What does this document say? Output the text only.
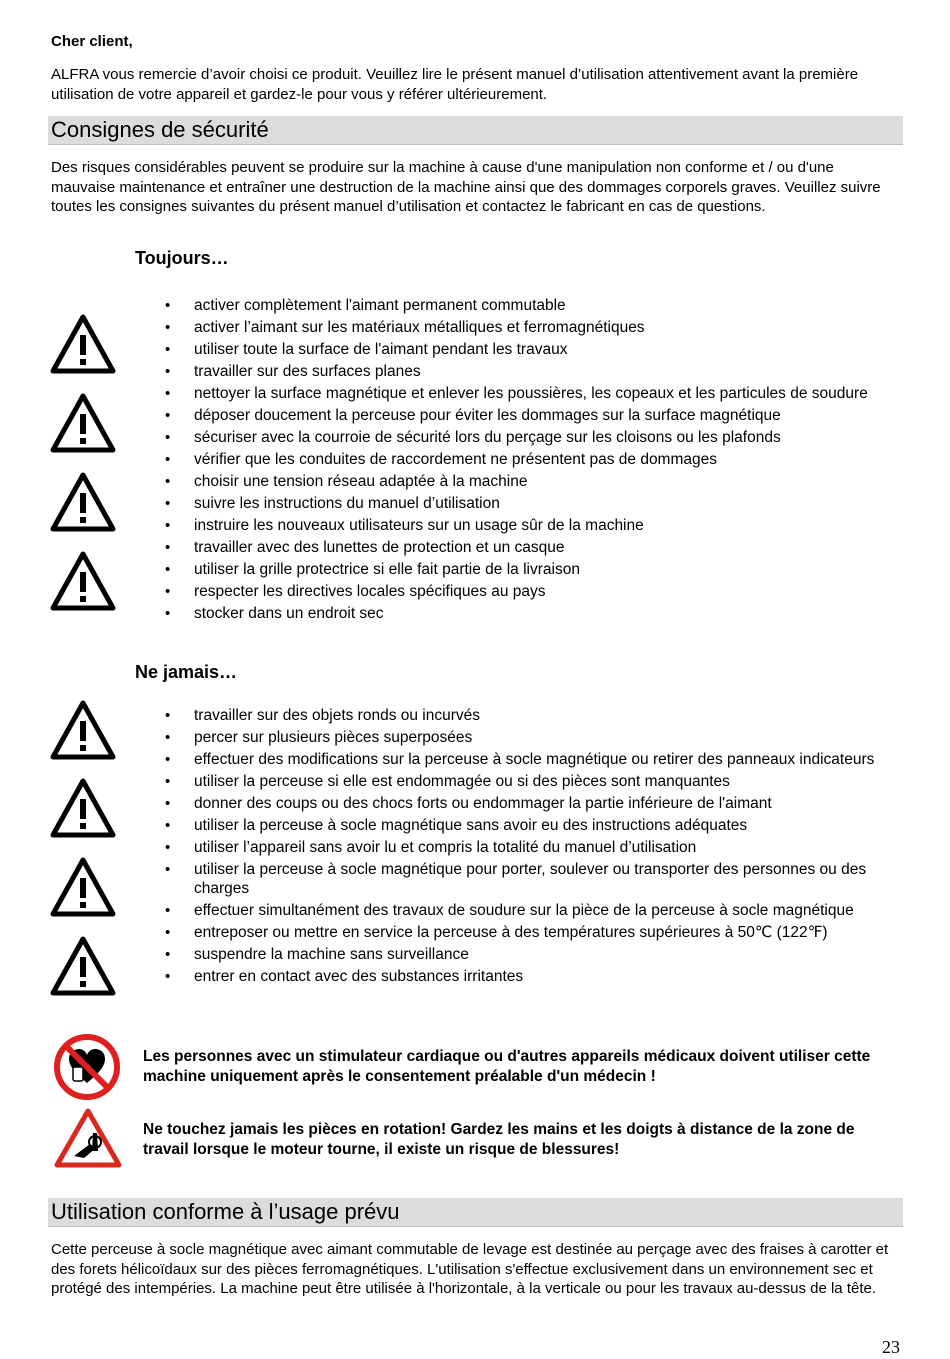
Cher client,
ALFRA vous remercie d’avoir choisi ce produit. Veuillez lire le présent manuel d’utilisation attentivement avant la première utilisation de votre appareil et gardez-le pour vous y référer ultérieurement.
Consignes de sécurité
Des risques considérables peuvent se produire sur la machine à cause d'une manipulation non conforme et / ou d'une mauvaise maintenance et entraîner une destruction de la machine ainsi que des dommages corporels graves. Veuillez suivre toutes les consignes suivantes du présent manuel d’utilisation et contactez le fabricant en cas de questions.
Toujours…
• activer complètement l'aimant permanent commutable
• activer l’aimant sur les matériaux métalliques et ferromagnétiques
• utiliser toute la surface de l'aimant pendant les travaux
• travailler sur des surfaces planes
• nettoyer la surface magnétique et enlever les poussières, les copeaux et les particules de soudure
• déposer doucement la perceuse pour éviter les dommages sur la surface magnétique
• sécuriser avec la courroie de sécurité lors du perçage sur les cloisons ou les plafonds
• vérifier que les conduites de raccordement ne présentent pas de dommages
• choisir une tension réseau adaptée à la machine
• suivre les instructions du manuel d’utilisation
• instruire les nouveaux utilisateurs sur un usage sûr de la machine
• travailler avec des lunettes de protection et un casque
• utiliser la grille protectrice si elle fait partie de la livraison
• respecter les directives locales spécifiques au pays
• stocker dans un endroit sec
Ne jamais…
• travailler sur des objets ronds ou incurvés
• percer sur plusieurs pièces superposées
• effectuer des modifications sur la perceuse à socle magnétique ou retirer des panneaux indicateurs
• utiliser la perceuse si elle est endommagée ou si des pièces sont manquantes
• donner des coups ou des chocs forts ou endommager la partie inférieure de l'aimant
• utiliser la perceuse à socle magnétique sans avoir eu des instructions adéquates
• utiliser l’appareil sans avoir lu et compris la totalité du manuel d’utilisation
• utiliser la perceuse à socle magnétique pour porter, soulever ou transporter des personnes ou des charges
• effectuer simultanément des travaux de soudure sur la pièce de la perceuse à socle magnétique
• entreposer ou mettre en service la perceuse à des températures supérieures à 50℃ (122℉)
• suspendre la machine sans surveillance
• entrer en contact avec des substances irritantes
Les personnes avec un stimulateur cardiaque ou d'autres appareils médicaux doivent utiliser cette machine uniquement après le consentement préalable d'un médecin !
Ne touchez jamais les pièces en rotation! Gardez les mains et les doigts à distance de la zone de travail lorsque le moteur tourne, il existe un risque de blessures!
Utilisation conforme à l’usage prévu
Cette perceuse à socle magnétique avec aimant commutable de levage est destinée au perçage avec des fraises à carotter et des forets hélicoïdaux sur des pièces ferromagnétiques. L'utilisation s'effectue exclusivement dans un environnement sec et protégé des intempéries. La machine peut être utilisée à l'horizontale, à la verticale ou pour les travaux au-dessus de la tête.
23
